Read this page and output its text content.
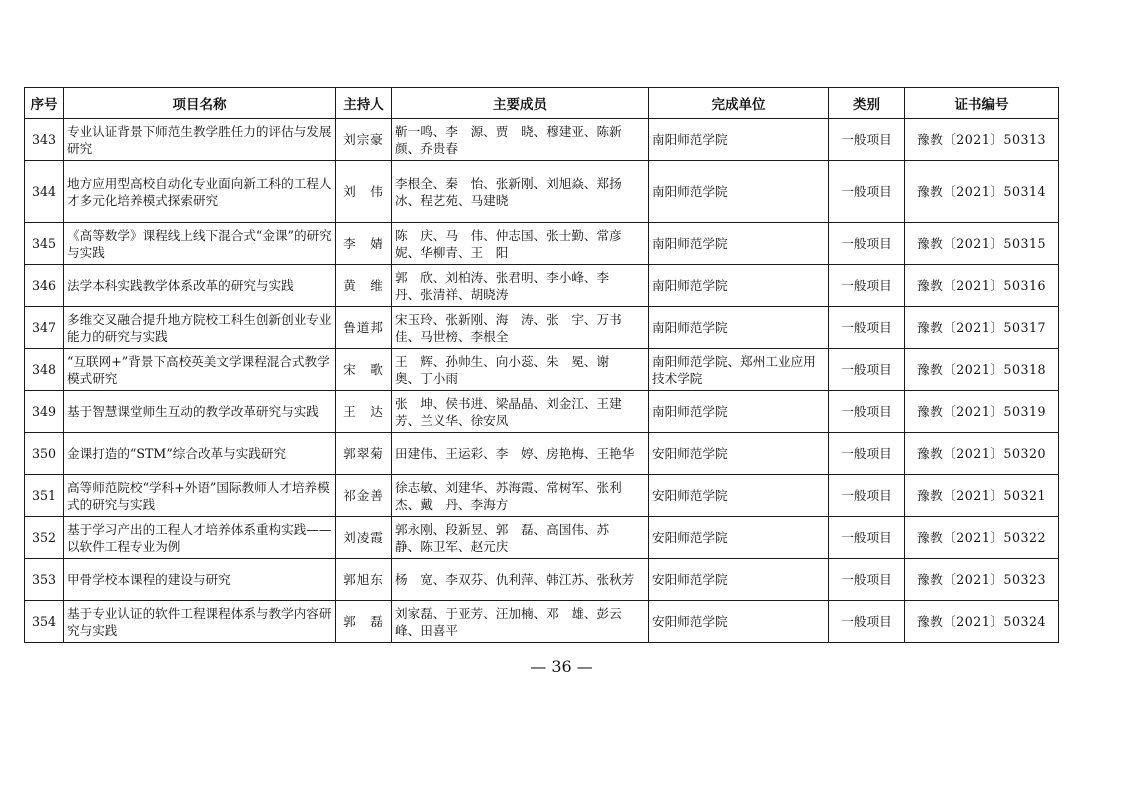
序号	项目名称	主持人	主要成员	完成单位	类别	证书编号
343	专业认证背景下师范生教学胜任力的评估与发展研究	刘宗豪	靳一鸣、李　源、贾　晓、穆建亚、陈新颜、乔贵春	南阳师范学院	一般项目	豫教〔2021〕50313
344	地方应用型高校自动化专业面向新工科的工程人才多元化培养模式探索研究	刘　伟	李根全、秦　怡、张新刚、刘旭焱、郑扬冰、程艺苑、马建晓	南阳师范学院	一般项目	豫教〔2021〕50314
345	《高等数学》课程线上线下混合式“金课”的研究与实践	李　婧	陈　庆、马　伟、仲志国、张士勤、常彦妮、华柳青、王　阳	南阳师范学院	一般项目	豫教〔2021〕50315
346	法学本科实践教学体系改革的研究与实践	黄　维	郭　欣、刘柏涛、张君明、李小峰、李　丹、张清祥、胡晓涛	南阳师范学院	一般项目	豫教〔2021〕50316
347	多维交叉融合提升地方院校工科生创新创业专业能力的研究与实践	鲁道邦	宋玉玲、张新刚、海　涛、张　宇、万书佳、马世榜、李根全	南阳师范学院	一般项目	豫教〔2021〕50317
348	“互联网+”背景下高校英美文学课程混合式教学模式研究	宋　歌	王　辉、孙帅生、向小蕊、朱　冕、谢　奥、丁小雨	南阳师范学院、郑州工业应用技术学院	一般项目	豫教〔2021〕50318
349	基于智慧课堂师生互动的教学改革研究与实践	王　达	张　坤、侯书进、梁晶晶、刘金江、王建芳、兰义华、徐安凤	南阳师范学院	一般项目	豫教〔2021〕50319
350	金课打造的“STM”综合改革与实践研究	郭翠菊	田建伟、王运彩、李　婷、房艳梅、王艳华	安阳师范学院	一般项目	豫教〔2021〕50320
351	高等师范院校“学科+外语”国际教师人才培养模式的研究与实践	祁金善	徐志敏、刘建华、苏海霞、常树军、张利杰、戴　丹、李海方	安阳师范学院	一般项目	豫教〔2021〕50321
352	基于学习产出的工程人才培养体系重构实践——以软件工程专业为例	刘凌霞	郭永刚、段新昱、郭　磊、高国伟、苏　静、陈卫军、赵元庆	安阳师范学院	一般项目	豫教〔2021〕50322
353	甲骨学校本课程的建设与研究	郭旭东	杨　宽、李双芬、仇利萍、韩江苏、张秋芳	安阳师范学院	一般项目	豫教〔2021〕50323
354	基于专业认证的软件工程课程体系与教学内容研究与实践	郭　磊	刘家磊、于亚芳、汪加楠、邓　雄、彭云峰、田喜平	安阳师范学院	一般项目	豫教〔2021〕50324
— 36 —
